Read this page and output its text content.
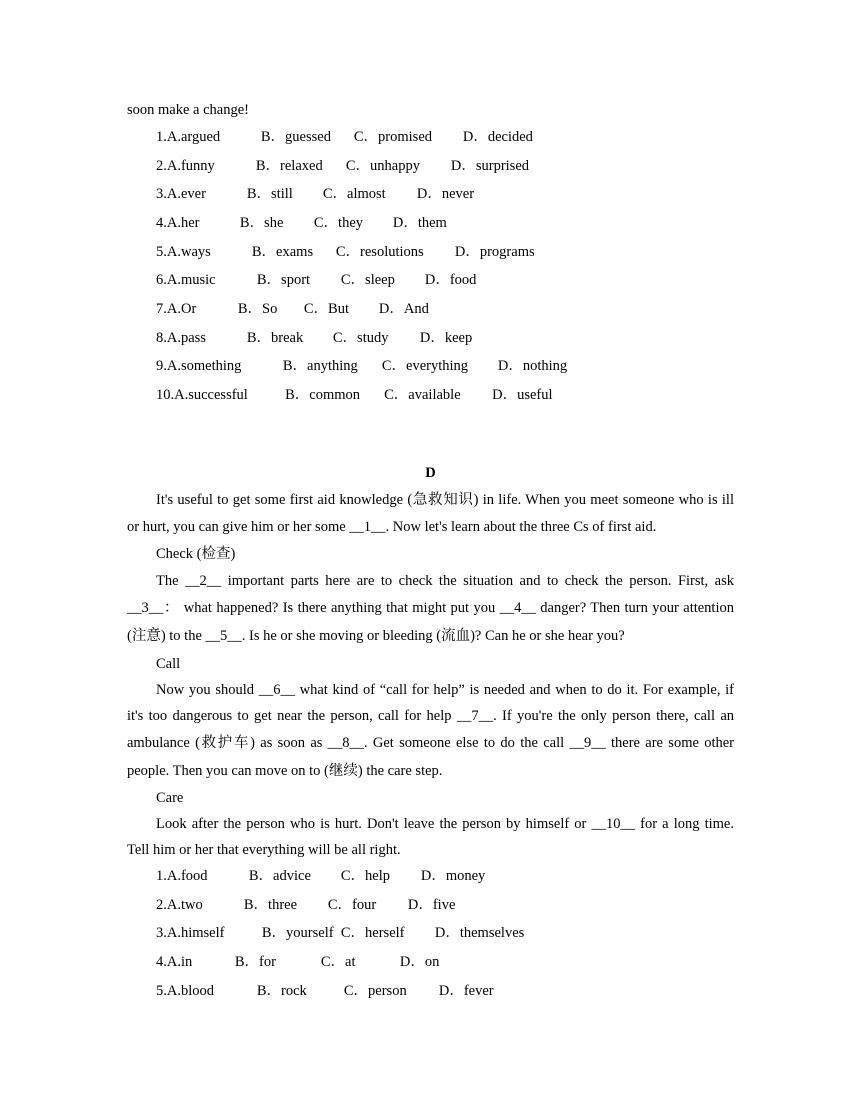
soon make a change!
1.A.argued	B．guessed C．promised D．decided
2.A.funny	B．relaxed C．unhappy D．surprised
3.A.ever	B．still C．almost D．never
4.A.her	B．she C．they D．them
5.A.ways	B．exams C．resolutions D．programs
6.A.music	B．sport C．sleep D．food
7.A.Or	B．So C．But D．And
8.A.pass	B．break C．study D．keep
9.A.something	B．anything C．everything D．nothing
10.A.successful	B．common C．available D．useful
D
It's useful to get some first aid knowledge (急救知识) in life. When you meet someone who is ill
or hurt, you can give him or her some __1__. Now let's learn about the three Cs of first aid.
Check (检查)
The __2__ important parts here are to check the situation and to check the person. First, ask
__3__： what happened? Is there anything that might put you __4__ danger? Then turn your attention
(注意) to the __5__. Is he or she moving or bleeding (流血)? Can he or she hear you?
Call
Now you should __6__ what kind of “call for help” is needed and when to do it. For example, if
it's too dangerous to get near the person, call for help __7__. If you're the only person there, call an
ambulance (救护车) as soon as __8__. Get someone else to do the call __9__ there are some other
people. Then you can move on to (继续) the care step.
Care
Look after the person who is hurt. Don't leave the person by himself or __10__ for a long time.
Tell him or her that everything will be all right.
1.A.food	B．advice C．help D．money
2.A.two	B．three C．four D．five
3.A.himself	B．yourself C．herself D．themselves
4.A.in	B．for	C．at	D．on
5.A.blood	B．rock	C．person D．fever
